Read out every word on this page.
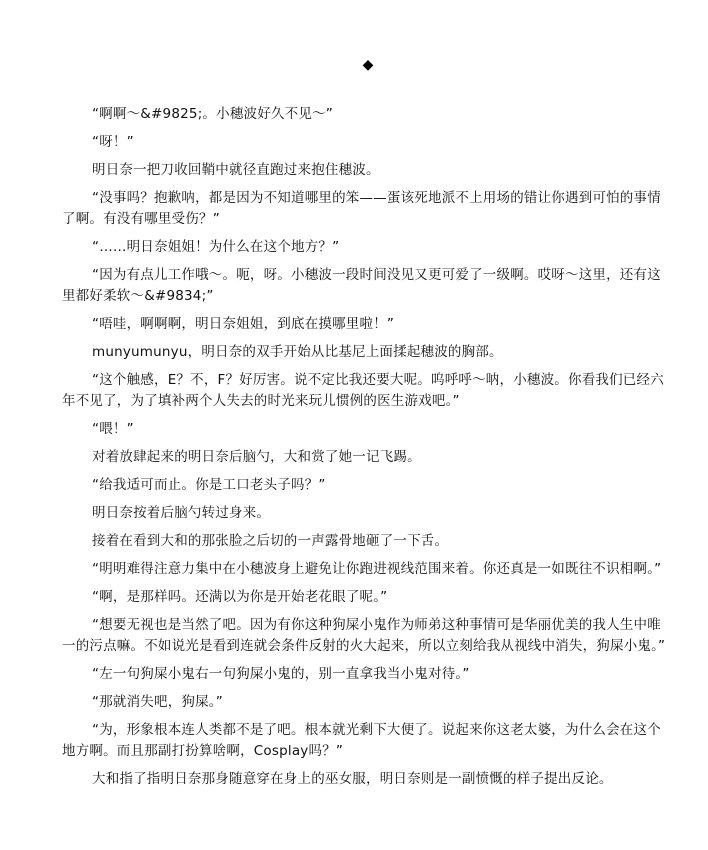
◆

“啊啊～&#9825;。小穗波好久不见～”

“呀！”

明日奈一把刀收回鞘中就径直跑过来抱住穗波。

“没事吗？抱歉呐，都是因为不知道哪里的笨——蛋该死地派不上用场的错让你遇到可怕的事情了啊。有没有哪里受伤？”

“……明日奈姐姐！为什么在这个地方？”

“因为有点儿工作哦～。呃，呀。小穗波一段时间没见又更可爱了一级啊。哎呀～这里，还有这里都好柔软～&#9834;”

“唔哇，啊啊啊，明日奈姐姐，到底在摸哪里啦！”

munyumunyu，明日奈的双手开始从比基尼上面揉起穗波的胸部。

“这个触感，E？不，F？好厉害。说不定比我还要大呢。呜呼呼～呐，小穗波。你看我们已经六年不见了，为了填补两个人失去的时光来玩儿惯例的医生游戏吧。”

“喂！”

对着放肆起来的明日奈后脑勺，大和赏了她一记飞踢。

“给我适可而止。你是工口老头子吗？”

明日奈按着后脑勺转过身来。

接着在看到大和的那张脸之后切的一声露骨地砸了一下舌。

“明明难得注意力集中在小穗波身上避免让你跑进视线范围来着。你还真是一如既往不识相啊。”

“啊，是那样吗。还满以为你是开始老花眼了呢。”

“想要无视也是当然了吧。因为有你这种狗屎小鬼作为师弟这种事情可是华丽优美的我人生中唯一的污点嘛。不如说光是看到连就会条件反射的火大起来，所以立刻给我从视线中消失，狗屎小鬼。”

“左一句狗屎小鬼右一句狗屎小鬼的，别一直拿我当小鬼对待。”

“那就消失吧，狗屎。”

“为，形象根本连人类都不是了吧。根本就光剩下大便了。说起来你这老太婆，为什么会在这个地方啊。而且那副打扮算啥啊，Cosplay吗？”

大和指了指明日奈那身随意穿在身上的巫女服，明日奈则是一副愤慨的样子提出反论。
